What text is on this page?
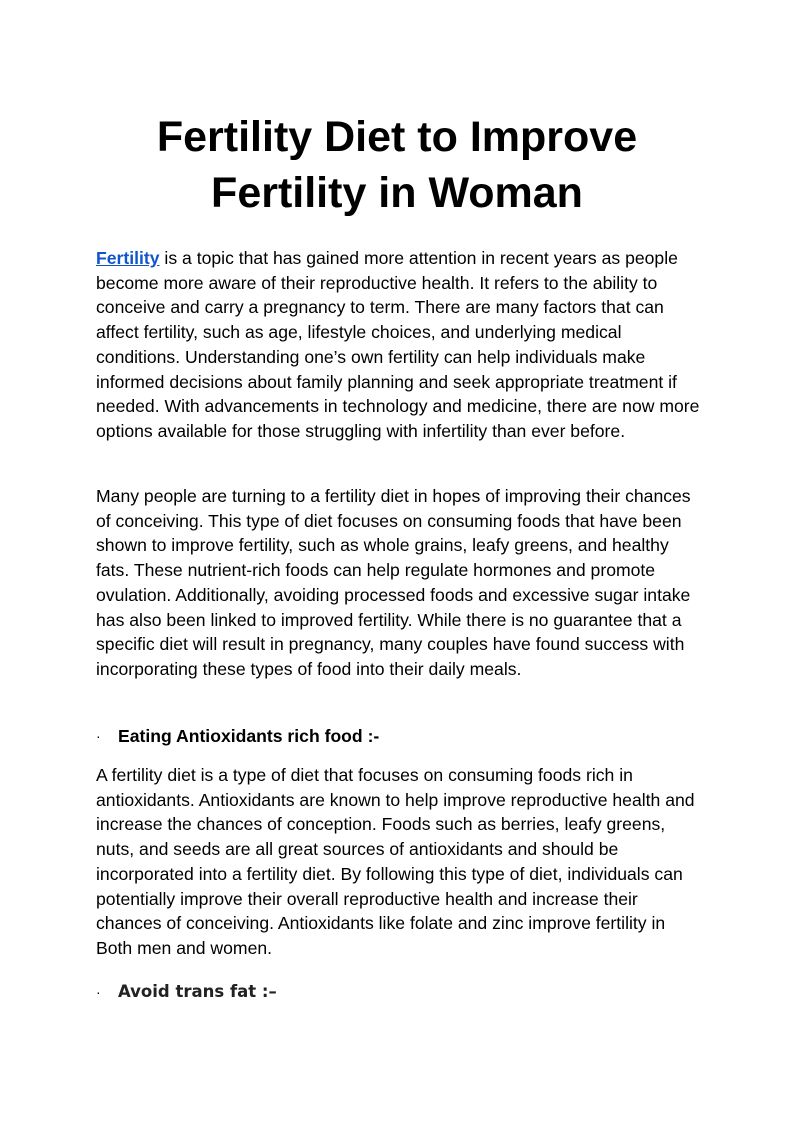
Fertility Diet to Improve
Fertility in Woman

Fertility is a topic that has gained more attention in recent years as people become more aware of their reproductive health. It refers to the ability to conceive and carry a pregnancy to term. There are many factors that can affect fertility, such as age, lifestyle choices, and underlying medical conditions. Understanding one’s own fertility can help individuals make informed decisions about family planning and seek appropriate treatment if needed. With advancements in technology and medicine, there are now more options available for those struggling with infertility than ever before.

Many people are turning to a fertility diet in hopes of improving their chances of conceiving. This type of diet focuses on consuming foods that have been shown to improve fertility, such as whole grains, leafy greens, and healthy fats. These nutrient-rich foods can help regulate hormones and promote ovulation. Additionally, avoiding processed foods and excessive sugar intake has also been linked to improved fertility. While there is no guarantee that a specific diet will result in pregnancy, many couples have found success with incorporating these types of food into their daily meals.

· Eating Antioxidants rich food :-

A fertility diet is a type of diet that focuses on consuming foods rich in antioxidants. Antioxidants are known to help improve reproductive health and increase the chances of conception. Foods such as berries, leafy greens, nuts, and seeds are all great sources of antioxidants and should be incorporated into a fertility diet. By following this type of diet, individuals can potentially improve their overall reproductive health and increase their chances of conceiving. Antioxidants like folate and zinc improve fertility in Both men and women.

· Avoid trans fat :–
